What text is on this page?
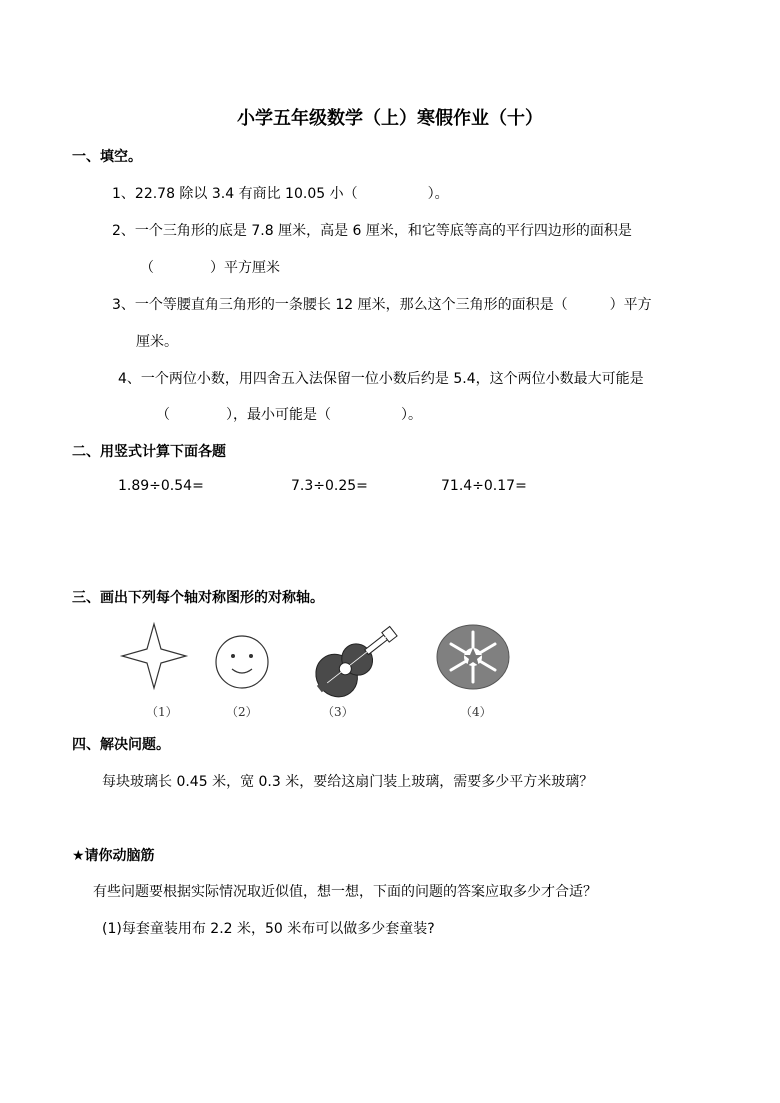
小学五年级数学（上）寒假作业（十）
一、填空。
1、22.78 除以 3.4 有商比 10.05 小（　　　　　）。
2、一个三角形的底是 7.8 厘米，高是 6 厘米，和它等底等高的平行四边形的面积是
（　　　　）平方厘米
3、一个等腰直角三角形的一条腰长 12 厘米，那么这个三角形的面积是（　　　）平方
厘米。
4、一个两位小数，用四舍五入法保留一位小数后约是 5.4，这个两位小数最大可能是
（　　　　），最小可能是（　　　　　）。
二、用竖式计算下面各题
1.89÷0.54=	7.3÷0.25=	71.4÷0.17=
三、画出下列每个轴对称图形的对称轴。
（1）	（2）	（3）	（4）
四、解决问题。
每块玻璃长 0.45 米，宽 0.3 米，要给这扇门装上玻璃，需要多少平方米玻璃？
★请你动脑筋
有些问题要根据实际情况取近似值，想一想，下面的问题的答案应取多少才合适？
(1)每套童装用布 2.2 米，50 米布可以做多少套童装?
